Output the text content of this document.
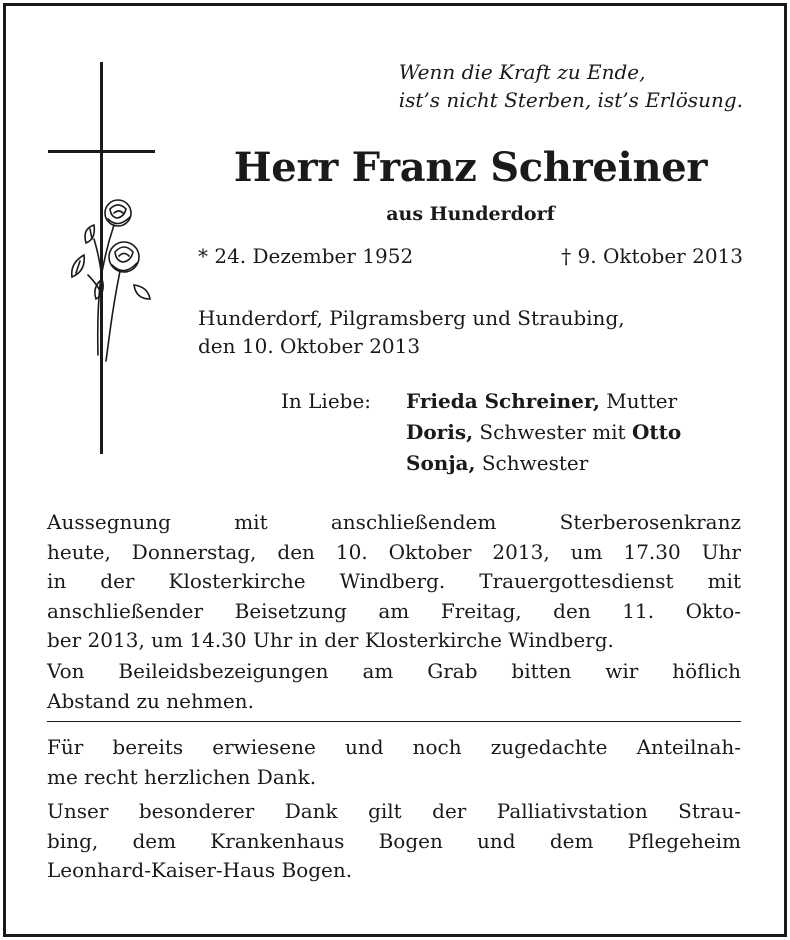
Wenn die Kraft zu Ende,
ist’s nicht Sterben, ist’s Erlösung.
Herr Franz Schreiner
aus Hunderdorf
* 24. Dezember 1952	† 9. Oktober 2013
Hunderdorf, Pilgramsberg und Straubing,
den 10. Oktober 2013
In Liebe: Frieda Schreiner, Mutter
Doris, Schwester mit Otto
Sonja, Schwester
Aussegnung mit anschließendem Sterberosenkranz
heute, Donnerstag, den 10. Oktober 2013, um 17.30 Uhr
in der Klosterkirche Windberg. Trauergottesdienst mit
anschließender Beisetzung am Freitag, den 11. Okto-
ber 2013, um 14.30 Uhr in der Klosterkirche Windberg.
Von Beileidsbezeigungen am Grab bitten wir höflich
Abstand zu nehmen.
Für bereits erwiesene und noch zugedachte Anteilnah-
me recht herzlichen Dank.
Unser besonderer Dank gilt der Palliativstation Strau-
bing, dem Krankenhaus Bogen und dem Pflegeheim
Leonhard-Kaiser-Haus Bogen.
